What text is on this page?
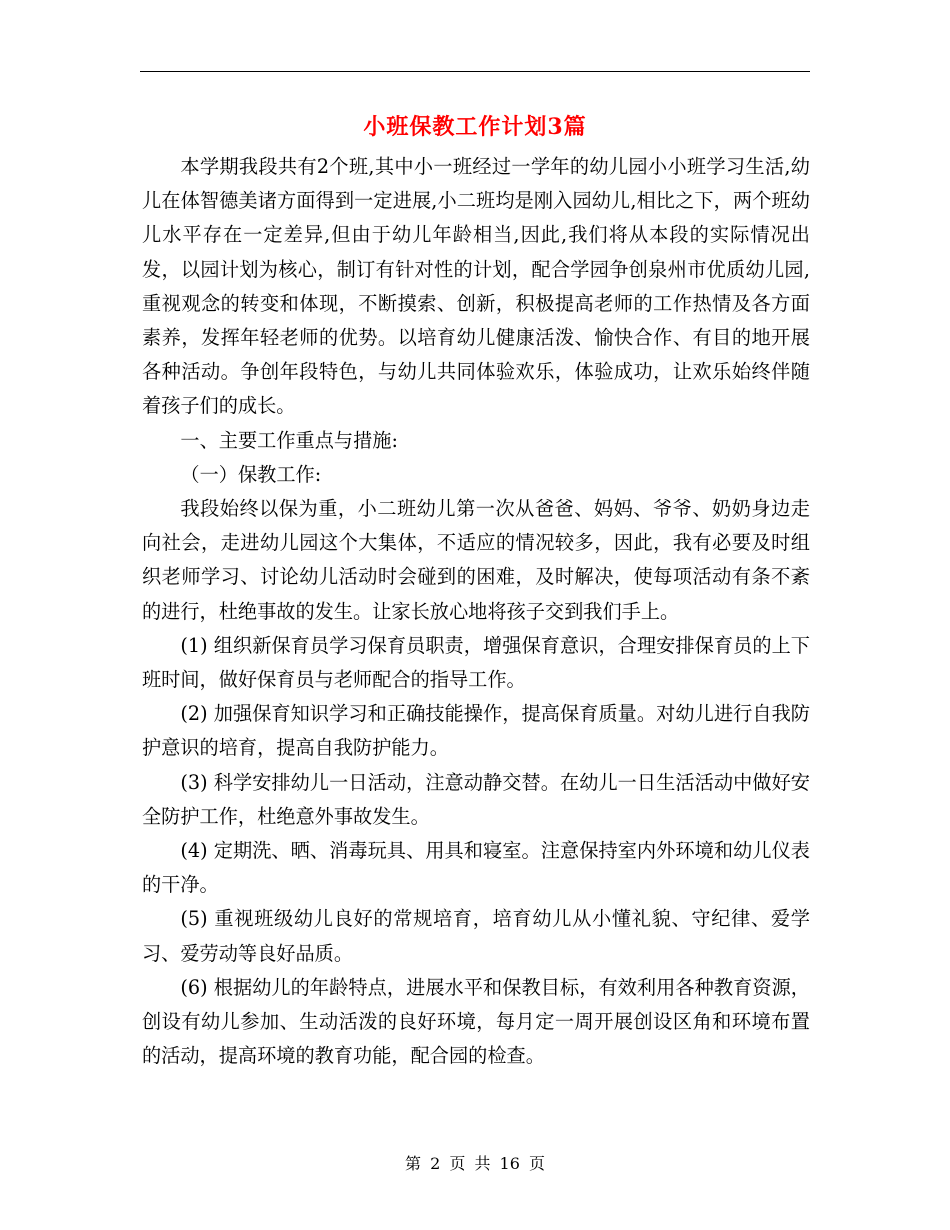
小班保教工作计划3篇

本学期我段共有2个班,其中小一班经过一学年的幼儿园小小班学习生活,幼儿在体智德美诸方面得到一定进展,小二班均是刚入园幼儿,相比之下，两个班幼儿水平存在一定差异,但由于幼儿年龄相当,因此,我们将从本段的实际情况出发，以园计划为核心，制订有针对性的计划，配合学园争创泉州市优质幼儿园,重视观念的转变和体现，不断摸索、创新，积极提高老师的工作热情及各方面素养，发挥年轻老师的优势。以培育幼儿健康活泼、愉快合作、有目的地开展各种活动。争创年段特色，与幼儿共同体验欢乐，体验成功，让欢乐始终伴随着孩子们的成长。

一、主要工作重点与措施:

（一）保教工作:

我段始终以保为重，小二班幼儿第一次从爸爸、妈妈、爷爷、奶奶身边走向社会，走进幼儿园这个大集体，不适应的情况较多，因此，我有必要及时组织老师学习、讨论幼儿活动时会碰到的困难，及时解决，使每项活动有条不紊的进行，杜绝事故的发生。让家长放心地将孩子交到我们手上。

(1) 组织新保育员学习保育员职责，增强保育意识，合理安排保育员的上下班时间，做好保育员与老师配合的指导工作。

(2) 加强保育知识学习和正确技能操作，提高保育质量。对幼儿进行自我防护意识的培育，提高自我防护能力。

(3) 科学安排幼儿一日活动，注意动静交替。在幼儿一日生活活动中做好安全防护工作，杜绝意外事故发生。

(4) 定期洗、晒、消毒玩具、用具和寝室。注意保持室内外环境和幼儿仪表的干净。

(5) 重视班级幼儿良好的常规培育，培育幼儿从小懂礼貌、守纪律、爱学习、爱劳动等良好品质。

(6) 根据幼儿的年龄特点，进展水平和保教目标，有效利用各种教育资源，创设有幼儿参加、生动活泼的良好环境，每月定一周开展创设区角和环境布置的活动，提高环境的教育功能，配合园的检查。

第 2 页 共 16 页
